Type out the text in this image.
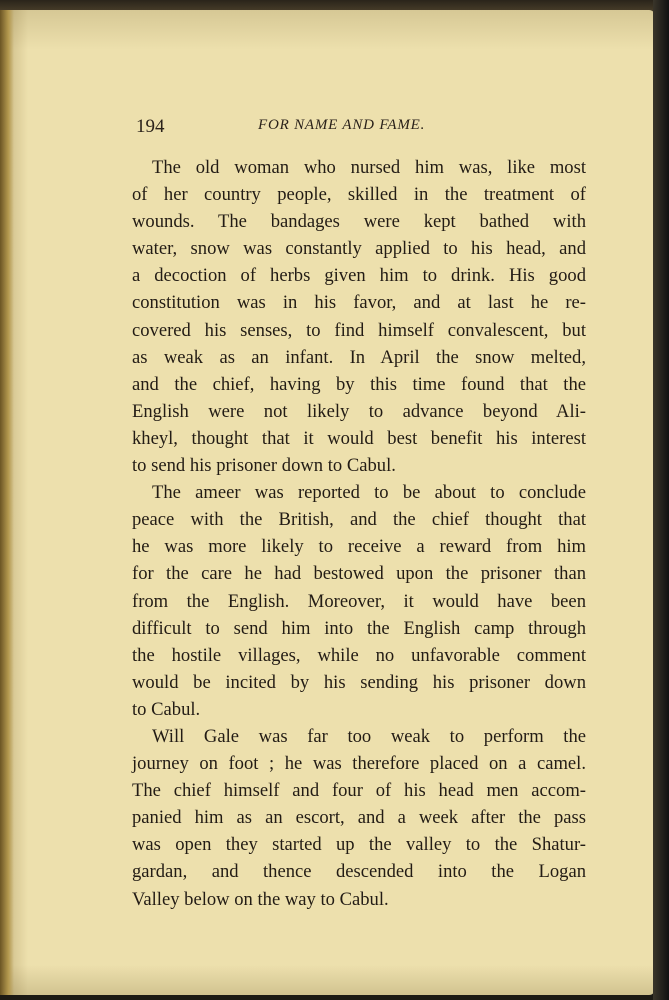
194	FOR NAME AND FAME.
The old woman who nursed him was, like most
of her country people, skilled in the treatment of
wounds. The bandages were kept bathed with
water, snow was constantly applied to his head, and
a decoction of herbs given him to drink. His good
constitution was in his favor, and at last he re-
covered his senses, to find himself convalescent, but
as weak as an infant. In April the snow melted,
and the chief, having by this time found that the
English were not likely to advance beyond Ali-
kheyl, thought that it would best benefit his interest
to send his prisoner down to Cabul.
The ameer was reported to be about to conclude
peace with the British, and the chief thought that
he was more likely to receive a reward from him
for the care he had bestowed upon the prisoner than
from the English. Moreover, it would have been
difficult to send him into the English camp through
the hostile villages, while no unfavorable comment
would be incited by his sending his prisoner down
to Cabul.
Will Gale was far too weak to perform the
journey on foot ; he was therefore placed on a camel.
The chief himself and four of his head men accom-
panied him as an escort, and a week after the pass
was open they started up the valley to the Shatur-
gardan, and thence descended into the Logan
Valley below on the way to Cabul.
